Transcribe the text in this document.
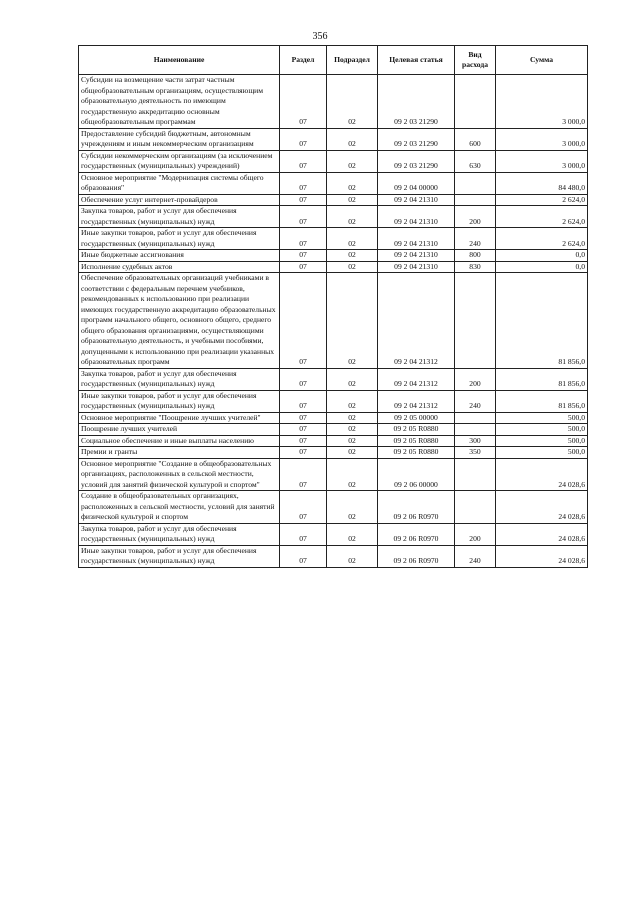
356
Наименование	Раздел	Подраздел	Целевая статья	Вид расхода	Сумма
Субсидии на возмещение части затрат частным общеобразовательным организациям, осуществляющим образовательную деятельность по имеющим государственную аккредитацию основным общеобразовательным программам	07	02	09 2 03 21290		3 000,0
Предоставление субсидий бюджетным, автономным учреждениям и иным некоммерческим организациям	07	02	09 2 03 21290	600	3 000,0
Субсидии некоммерческим организациям (за исключением государственных (муниципальных) учреждений)	07	02	09 2 03 21290	630	3 000,0
Основное мероприятие "Модернизация системы общего образования"	07	02	09 2 04 00000		84 480,0
Обеспечение услуг интернет-провайдеров	07	02	09 2 04 21310		2 624,0
Закупка товаров, работ и услуг для обеспечения государственных (муниципальных) нужд	07	02	09 2 04 21310	200	2 624,0
Иные закупки товаров, работ и услуг для обеспечения государственных (муниципальных) нужд	07	02	09 2 04 21310	240	2 624,0
Иные бюджетные ассигнования	07	02	09 2 04 21310	800	0,0
Исполнение судебных актов	07	02	09 2 04 21310	830	0,0
Обеспечение образовательных организаций учебниками в соответствии с федеральным перечнем учебников, рекомендованных к использованию при реализации имеющих государственную аккредитацию образовательных программ начального общего, основного общего, среднего общего образования организациями, осуществляющими образовательную деятельность, и учебными пособиями, допущенными к использованию при реализации указанных образовательных программ	07	02	09 2 04 21312		81 856,0
Закупка товаров, работ и услуг для обеспечения государственных (муниципальных) нужд	07	02	09 2 04 21312	200	81 856,0
Иные закупки товаров, работ и услуг для обеспечения государственных (муниципальных) нужд	07	02	09 2 04 21312	240	81 856,0
Основное мероприятие "Поощрение лучших учителей"	07	02	09 2 05 00000		500,0
Поощрение лучших учителей	07	02	09 2 05 R0880		500,0
Социальное обеспечение и иные выплаты населению	07	02	09 2 05 R0880	300	500,0
Премии и гранты	07	02	09 2 05 R0880	350	500,0
Основное мероприятие "Создание в общеобразовательных организациях, расположенных в сельской местности, условий для занятий физической культурой и спортом"	07	02	09 2 06 00000		24 028,6
Создание в общеобразовательных организациях, расположенных в сельской местности, условий для занятий физической культурой и спортом	07	02	09 2 06 R0970		24 028,6
Закупка товаров, работ и услуг для обеспечения государственных (муниципальных) нужд	07	02	09 2 06 R0970	200	24 028,6
Иные закупки товаров, работ и услуг для обеспечения государственных (муниципальных) нужд	07	02	09 2 06 R0970	240	24 028,6
